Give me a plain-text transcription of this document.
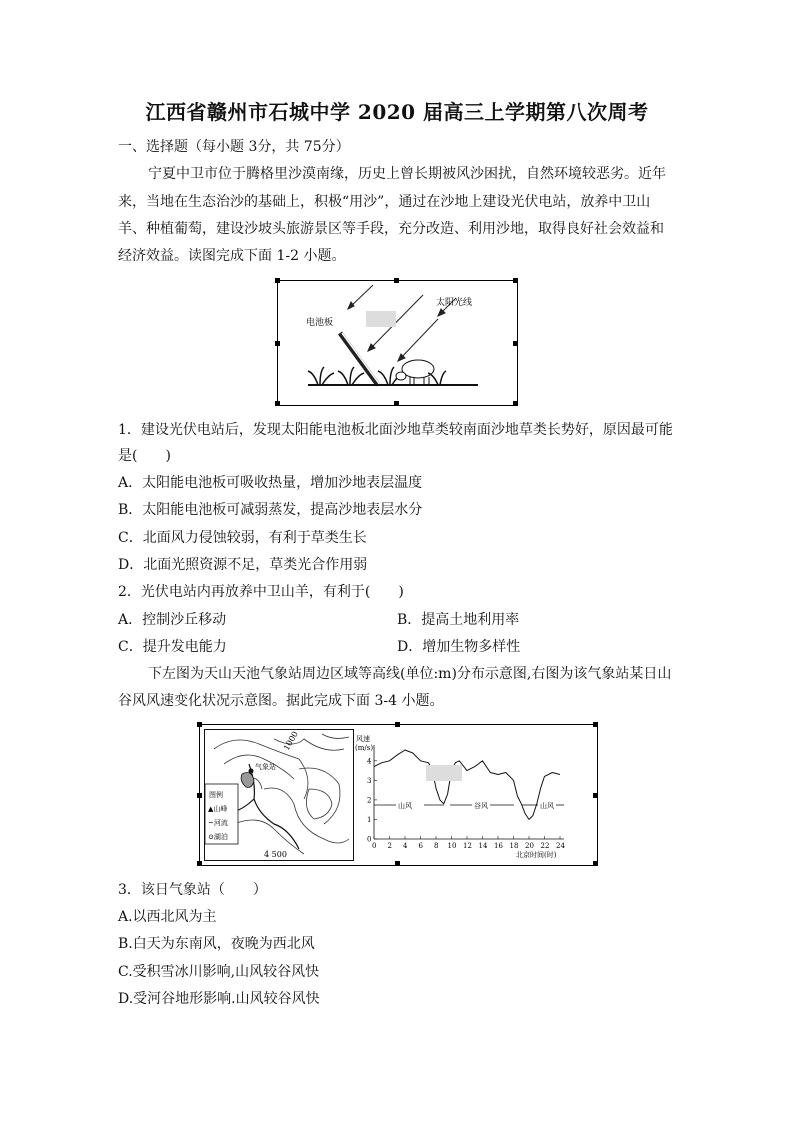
江西省赣州市石城中学 2020 届高三上学期第八次周考
一、选择题（每小题 3分，共 75分）
宁夏中卫市位于腾格里沙漠南缘，历史上曾长期被风沙困扰，自然环境较恶劣。近年
来，当地在生态治沙的基础上，积极“用沙”，通过在沙地上建设光伏电站，放养中卫山
羊、种植葡萄，建设沙坡头旅游景区等手段，充分改造、利用沙地，取得良好社会效益和
经济效益。读图完成下面 1-2 小题。
电池板
太阳光线
1．建设光伏电站后，发现太阳能电池板北面沙地草类较南面沙地草类长势好，原因最可能
是(　　)
A．太阳能电池板可吸收热量，增加沙地表层温度
B．太阳能电池板可减弱蒸发，提高沙地表层水分
C．北面风力侵蚀较弱，有利于草类生长
D．北面光照资源不足，草类光合作用弱
2．光伏电站内再放养中卫山羊，有利于(　　)
A．控制沙丘移动	B．提高土地利用率
C．提升发电能力	D．增加生物多样性
下左图为天山天池气象站周边区域等高线(单位:m)分布示意图,右图为该气象站某日山
谷风风速变化状况示意图。据此完成下面 3-4 小题。
气象站
1000
4 500
图例
▲山峰
~河流
⊙湖泊
风速
(m/s)
北京时间(时)
0
1
2
3
4
0 2 4 6 8 10 12 14 16 18 20 22 24
山风	谷风	山风
3．该日气象站（　　）
A.以西北风为主
B.白天为东南风，夜晚为西北风
C.受积雪冰川影响,山风较谷风快
D.受河谷地形影响.山风较谷风快
